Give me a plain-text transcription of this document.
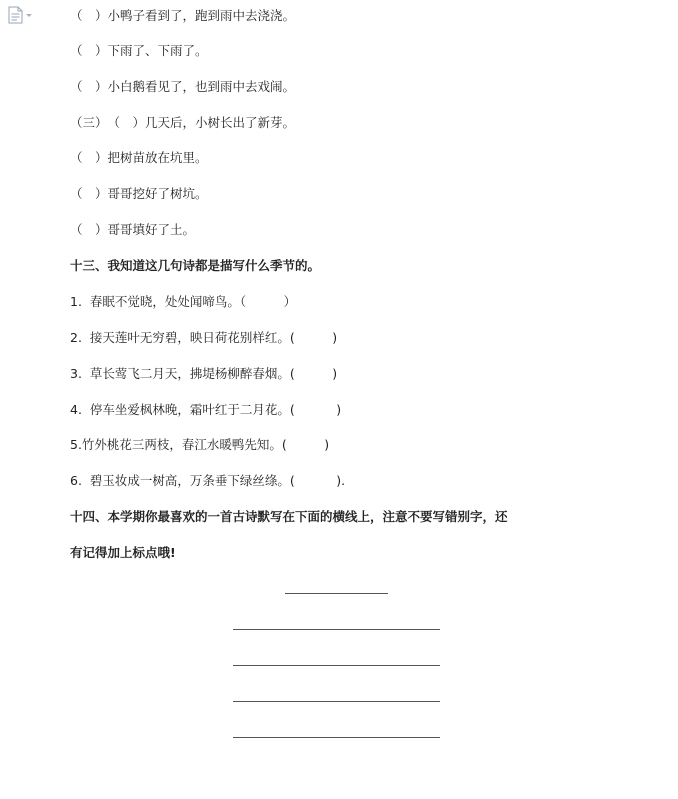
（　）小鸭子看到了，跑到雨中去浇浇。
（　）下雨了、下雨了。
（　）小白鹅看见了，也到雨中去戏闹。
（三）　（　）几天后，小树长出了新芽。
（　）把树苗放在坑里。
（　）哥哥挖好了树坑。
（　）哥哥填好了土。
十三、我知道这几句诗都是描写什么季节的。
1.  春眠不觉晓，处处闻啼鸟。（　　　）
2.  接天莲叶无穷碧，映日荷花别样红。(　　　)
3.  草长莺飞二月天，拂堤杨柳醉春烟。(　　　)
4.  停车坐爱枫林晚，霜叶红于二月花。(　　　 )
5.竹外桃花三两枝，春江水暖鸭先知。(　　　)
6.  碧玉妆成一树高，万条垂下绿丝绦。(　　　 ).
十四、本学期你最喜欢的一首古诗默写在下面的横线上，注意不要写错别字，还
有记得加上标点哦!
